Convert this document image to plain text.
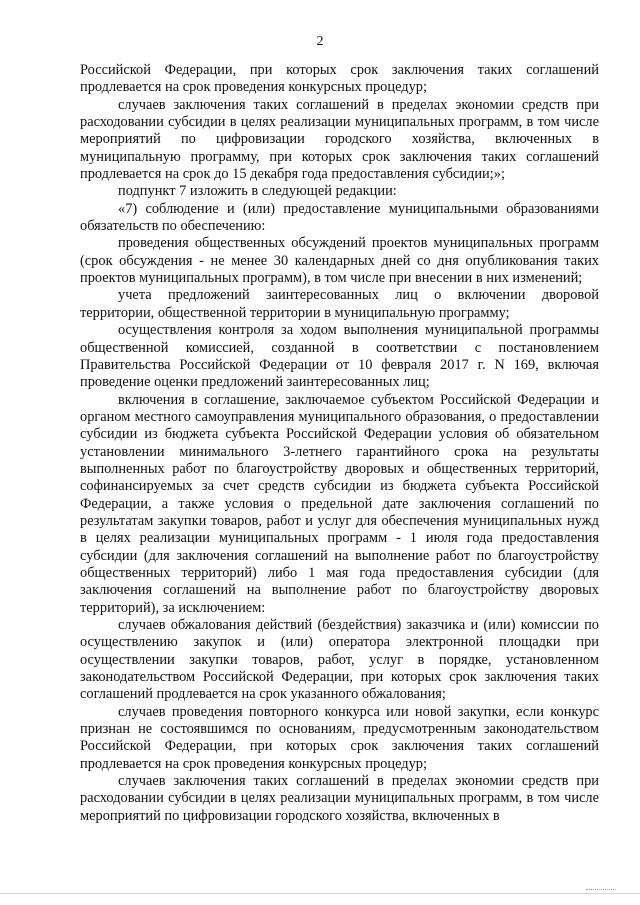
2

Российской Федерации, при которых срок заключения таких соглашений продлевается на срок проведения конкурсных процедур;

случаев заключения таких соглашений в пределах экономии средств при расходовании субсидии в целях реализации муниципальных программ, в том числе мероприятий по цифровизации городского хозяйства, включенных в муниципальную программу, при которых срок заключения таких соглашений продлевается на срок до 15 декабря года предоставления субсидии;»;

подпункт 7 изложить в следующей редакции:

«7) соблюдение и (или) предоставление муниципальными образованиями обязательств по обеспечению:

проведения общественных обсуждений проектов муниципальных программ (срок обсуждения - не менее 30 календарных дней со дня опубликования таких проектов муниципальных программ), в том числе при внесении в них изменений;

учета предложений заинтересованных лиц о включении дворовой территории, общественной территории в муниципальную программу;

осуществления контроля за ходом выполнения муниципальной программы общественной комиссией, созданной в соответствии с постановлением Правительства Российской Федерации от 10 февраля 2017 г. N 169, включая проведение оценки предложений заинтересованных лиц;

включения в соглашение, заключаемое субъектом Российской Федерации и органом местного самоуправления муниципального образования, о предоставлении субсидии из бюджета субъекта Российской Федерации условия об обязательном установлении минимального 3-летнего гарантийного срока на результаты выполненных работ по благоустройству дворовых и общественных территорий, софинансируемых за счет средств субсидии из бюджета субъекта Российской Федерации, а также условия о предельной дате заключения соглашений по результатам закупки товаров, работ и услуг для обеспечения муниципальных нужд в целях реализации муниципальных программ - 1 июля года предоставления субсидии (для заключения соглашений на выполнение работ по благоустройству общественных территорий) либо 1 мая года предоставления субсидии (для заключения соглашений на выполнение работ по благоустройству дворовых территорий), за исключением:

случаев обжалования действий (бездействия) заказчика и (или) комиссии по осуществлению закупок и (или) оператора электронной площадки при осуществлении закупки товаров, работ, услуг в порядке, установленном законодательством Российской Федерации, при которых срок заключения таких соглашений продлевается на срок указанного обжалования;

случаев проведения повторного конкурса или новой закупки, если конкурс признан не состоявшимся по основаниям, предусмотренным законодательством Российской Федерации, при которых срок заключения таких соглашений продлевается на срок проведения конкурсных процедур;

случаев заключения таких соглашений в пределах экономии средств при расходовании субсидии в целях реализации муниципальных программ, в том числе мероприятий по цифровизации городского хозяйства, включенных в
